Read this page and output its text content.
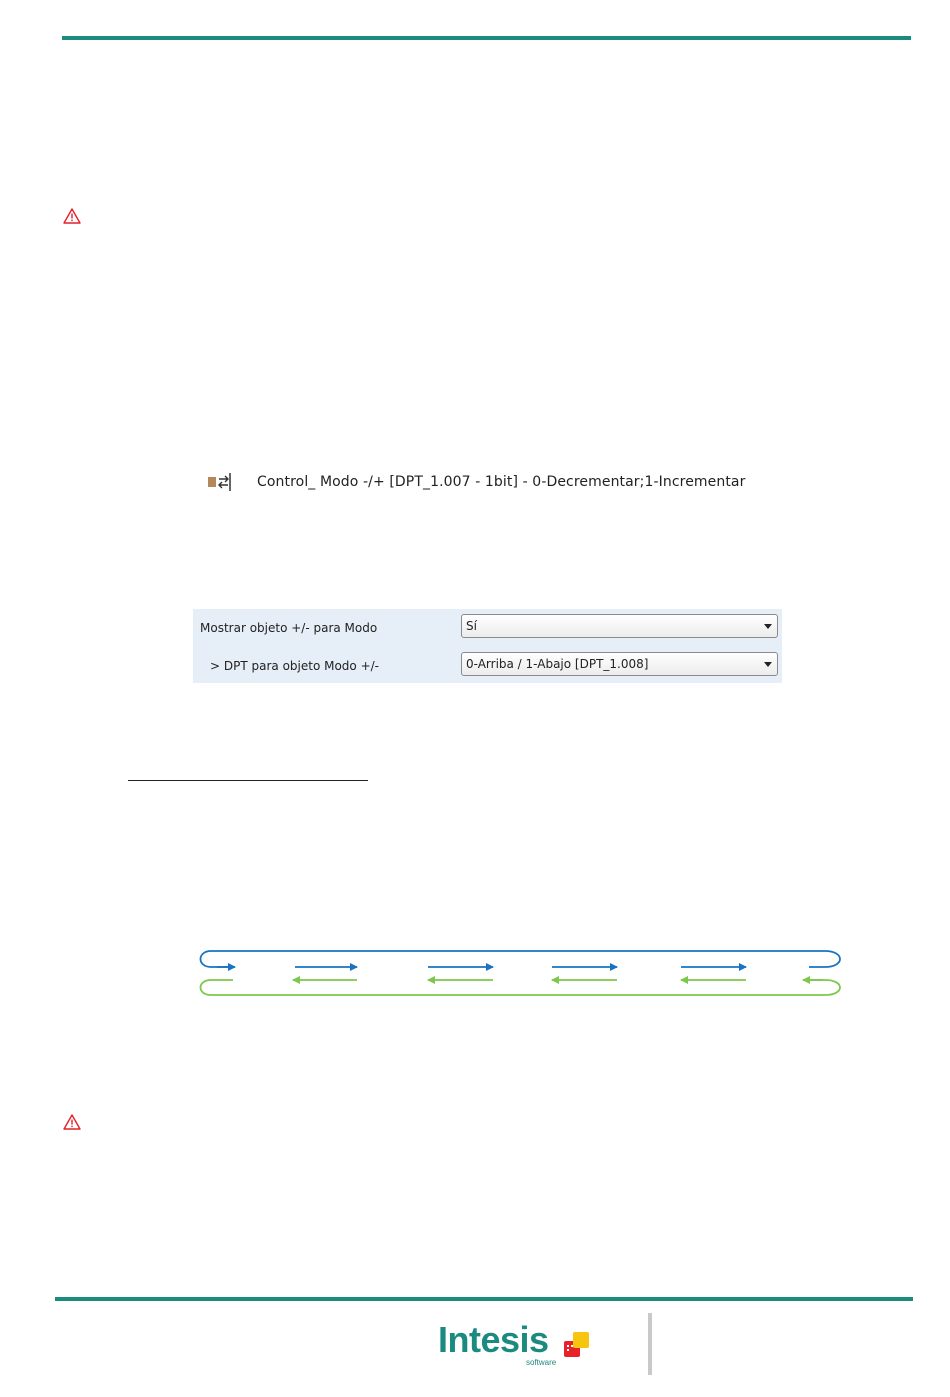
Control_ Modo -/+ [DPT_1.007 - 1bit] - 0-Decrementar;1-Incrementar
Mostrar objeto +/- para Modo	Sí
> DPT para objeto Modo +/-	0-Arriba / 1-Abajo [DPT_1.008]
Intesis
software
